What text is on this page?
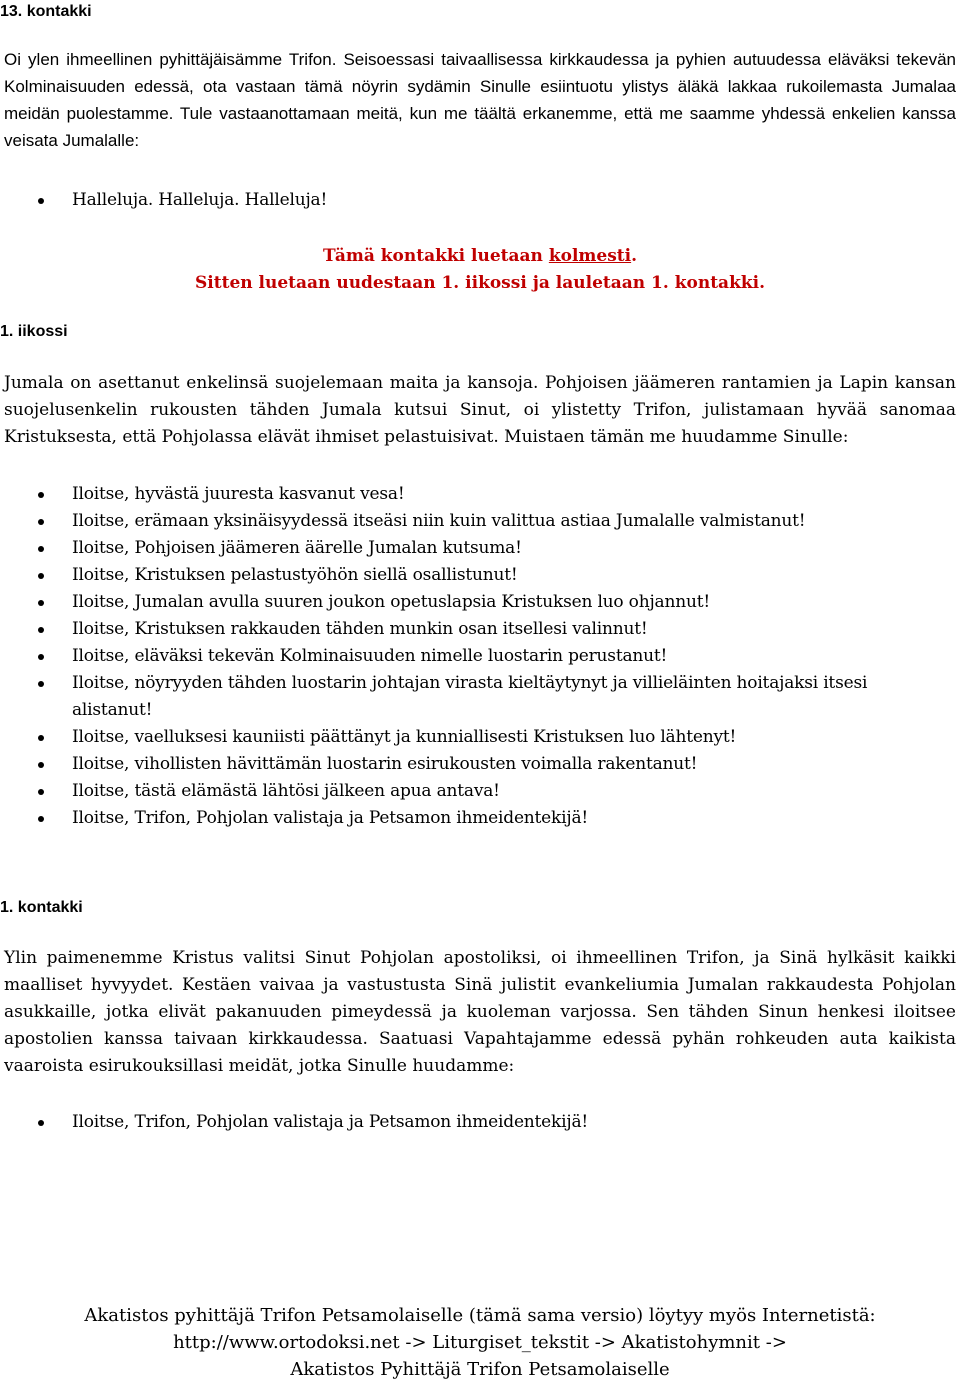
13. kontakki

Oi ylen ihmeellinen pyhittäjäisämme Trifon. Seisoessasi taivaallisessa kirkkaudessa ja pyhien autuudessa eläväksi tekevän Kolminaisuuden edessä, ota vastaan tämä nöyrin sydämin Sinulle esiintuotu ylistys äläkä lakkaa rukoilemasta Jumalaa meidän puolestamme. Tule vastaanottamaan meitä, kun me täältä erkanemme, että me saamme yhdessä enkelien kanssa veisata Jumalalle:

Halleluja. Halleluja. Halleluja!

Tämä kontakki luetaan kolmesti.

Sitten luetaan uudestaan 1. iikossi ja lauletaan 1. kontakki.

1. iikossi

Jumala on asettanut enkelinsä suojelemaan maita ja kansoja. Pohjoisen jäämeren rantamien ja Lapin kansan suojelusenkelin rukousten tähden Jumala kutsui Sinut, oi ylistetty Trifon, julistamaan hyvää sanomaa Kristuksesta, että Pohjolassa elävät ihmiset pelastuisivat. Muistaen tämän me huudamme Sinulle:

Iloitse, hyvästä juuresta kasvanut vesa!
Iloitse, erämaan yksinäisyydessä itseäsi niin kuin valittua astiaa Jumalalle valmistanut!
Iloitse, Pohjoisen jäämeren äärelle Jumalan kutsuma!
Iloitse, Kristuksen pelastustyöhön siellä osallistunut!
Iloitse, Jumalan avulla suuren joukon opetuslapsia Kristuksen luo ohjannut!
Iloitse, Kristuksen rakkauden tähden munkin osan itsellesi valinnut!
Iloitse, eläväksi tekevän Kolminaisuuden nimelle luostarin perustanut!
Iloitse, nöyryyden tähden luostarin johtajan virasta kieltäytynyt ja villieläinten hoitajaksi itsesi alistanut!
Iloitse, vaelluksesi kauniisti päättänyt ja kunniallisesti Kristuksen luo lähtenyt!
Iloitse, vihollisten hävittämän luostarin esirukousten voimalla rakentanut!
Iloitse, tästä elämästä lähtösi jälkeen apua antava!
Iloitse, Trifon, Pohjolan valistaja ja Petsamon ihmeidentekijä!
1. kontakki

Ylin paimenemme Kristus valitsi Sinut Pohjolan apostoliksi, oi ihmeellinen Trifon, ja Sinä hylkäsit kaikki maalliset hyvyydet. Kestäen vaivaa ja vastustusta Sinä julistit evankeliumia Jumalan rakkaudesta Pohjolan asukkaille, jotka elivät pakanuuden pimeydessä ja kuoleman varjossa. Sen tähden Sinun henkesi iloitsee apostolien kanssa taivaan kirkkaudessa. Saatuasi Vapahtajamme edessä pyhän rohkeuden auta kaikista vaaroista esirukouksillasi meidät, jotka Sinulle huudamme:

Iloitse, Trifon, Pohjolan valistaja ja Petsamon ihmeidentekijä!

Akatistos pyhittäjä Trifon Petsamolaiselle (tämä sama versio) löytyy myös Internetistä:

http://www.ortodoksi.net -> Liturgiset_tekstit -> Akatistohymnit ->

Akatistos Pyhittäjä Trifon Petsamolaiselle
